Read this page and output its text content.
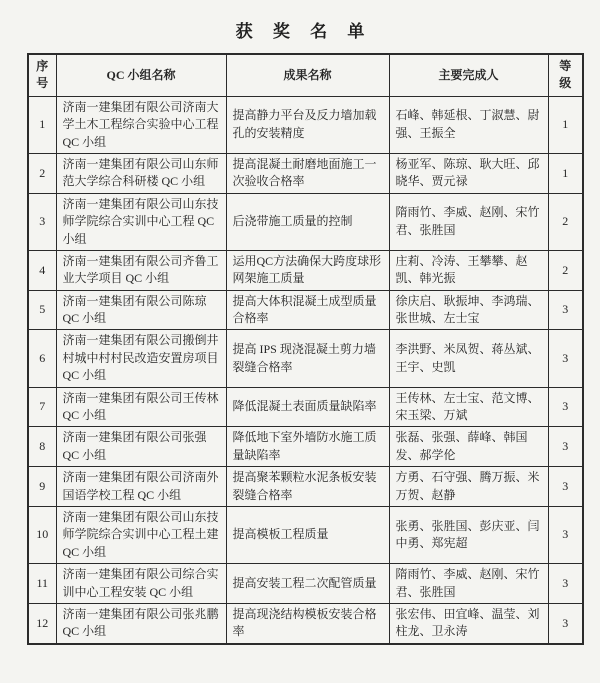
获 奖 名 单
序号	QC 小组名称	成果名称	主要完成人	等级
1	济南一建集团有限公司济南大学土木工程综合实验中心工程 QC 小组	提高静力平台及反力墙加载孔的安装精度	石峰、韩延根、丁淑慧、尉强、王振全	1
2	济南一建集团有限公司山东师范大学综合科研楼 QC 小组	提高混凝土耐磨地面施工一次验收合格率	杨亚军、陈琼、耿大旺、邱晓华、贾元禄	1
3	济南一建集团有限公司山东技师学院综合实训中心工程 QC 小组	后浇带施工质量的控制	隋雨竹、李威、赵刚、宋竹君、张胜国	2
4	济南一建集团有限公司齐鲁工业大学项目 QC 小组	运用QC方法确保大跨度球形网架施工质量	庄莉、冷涛、王攀攀、赵凯、韩光振	2
5	济南一建集团有限公司陈琼 QC 小组	提高大体积混凝土成型质量合格率	徐庆启、耿振坤、李鸿瑞、张世城、左士宝	3
6	济南一建集团有限公司搬倒井村城中村村民改造安置房项目 QC 小组	提高 IPS 现浇混凝土剪力墙裂缝合格率	李洪野、米凤贺、蒋丛斌、王宇、史凯	3
7	济南一建集团有限公司王传林 QC 小组	降低混凝土表面质量缺陷率	王传林、左士宝、范文博、宋玉梁、万斌	3
8	济南一建集团有限公司张强 QC 小组	降低地下室外墙防水施工质量缺陷率	张磊、张强、薛峰、韩国发、郝学伦	3
9	济南一建集团有限公司济南外国语学校工程 QC 小组	提高聚苯颗粒水泥条板安装裂缝合格率	方勇、石守强、腾万振、米万贺、赵静	3
10	济南一建集团有限公司山东技师学院综合实训中心工程土建 QC 小组	提高模板工程质量	张勇、张胜国、彭庆亚、闫中勇、郑宪超	3
11	济南一建集团有限公司综合实训中心工程安装 QC 小组	提高安装工程二次配管质量	隋雨竹、李威、赵刚、宋竹君、张胜国	3
12	济南一建集团有限公司张兆鹏 QC 小组	提高现浇结构模板安装合格率	张宏伟、田宜峰、温莹、刘柱龙、卫永涛	3
